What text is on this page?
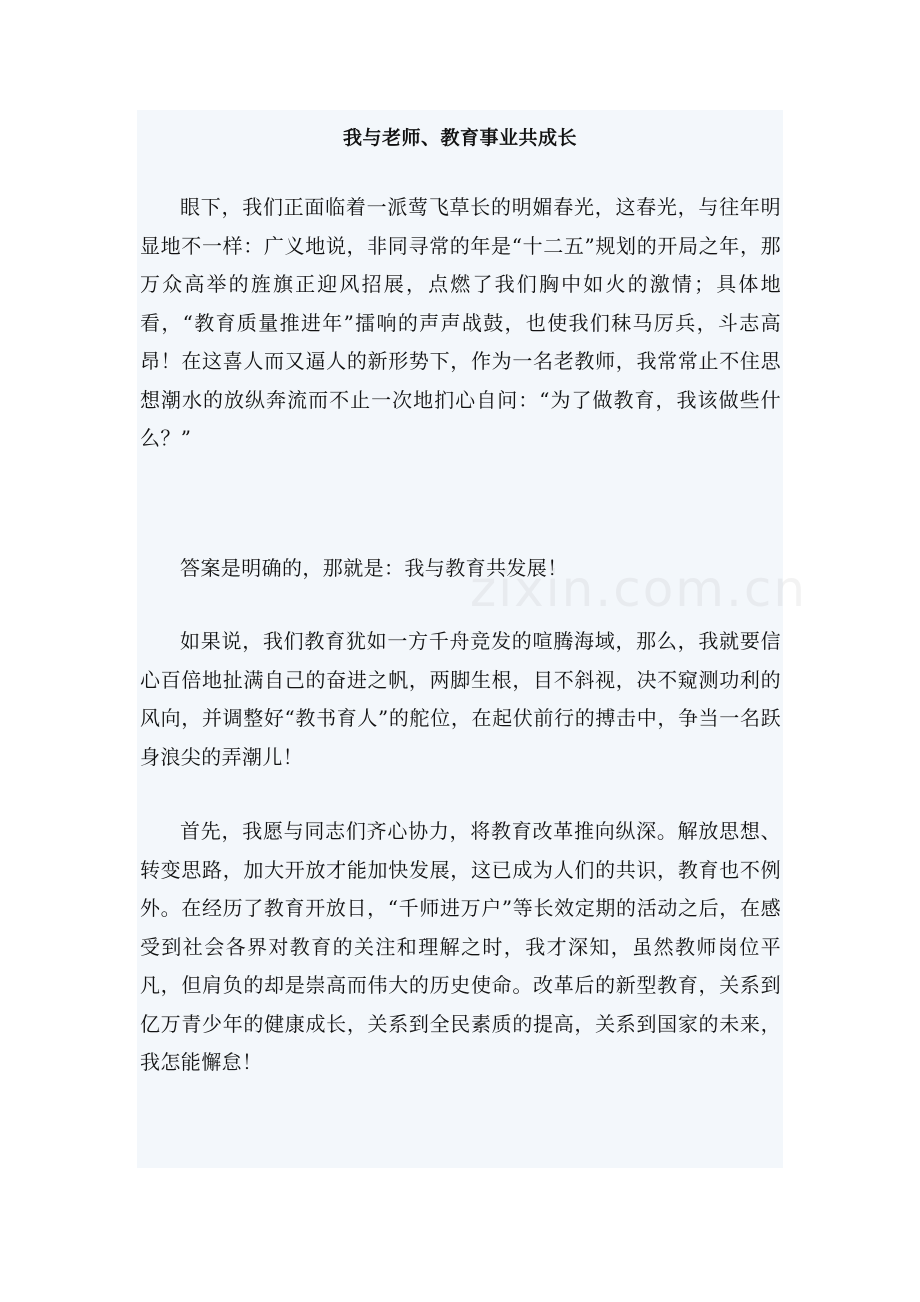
我与老师、教育事业共成长

眼下，我们正面临着一派莺飞草长的明媚春光，这春光，与往年明显地不一样：广义地说，非同寻常的年是“十二五”规划的开局之年，那万众高举的旌旗正迎风招展，点燃了我们胸中如火的激情；具体地看，“教育质量推进年”擂响的声声战鼓，也使我们秣马厉兵，斗志高昂！在这喜人而又逼人的新形势下，作为一名老教师，我常常止不住思想潮水的放纵奔流而不止一次地扪心自问：“为了做教育，我该做些什么？”

答案是明确的，那就是：我与教育共发展！

如果说，我们教育犹如一方千舟竞发的喧腾海域，那么，我就要信心百倍地扯满自己的奋进之帆，两脚生根，目不斜视，决不窥测功利的风向，并调整好“教书育人”的舵位，在起伏前行的搏击中，争当一名跃身浪尖的弄潮儿！

首先，我愿与同志们齐心协力，将教育改革推向纵深。解放思想、转变思路，加大开放才能加快发展，这已成为人们的共识，教育也不例外。在经历了教育开放日，“千师进万户”等长效定期的活动之后，在感受到社会各界对教育的关注和理解之时，我才深知，虽然教师岗位平凡，但肩负的却是崇高而伟大的历史使命。改革后的新型教育，关系到亿万青少年的健康成长，关系到全民素质的提高，关系到国家的未来，我怎能懈怠！
